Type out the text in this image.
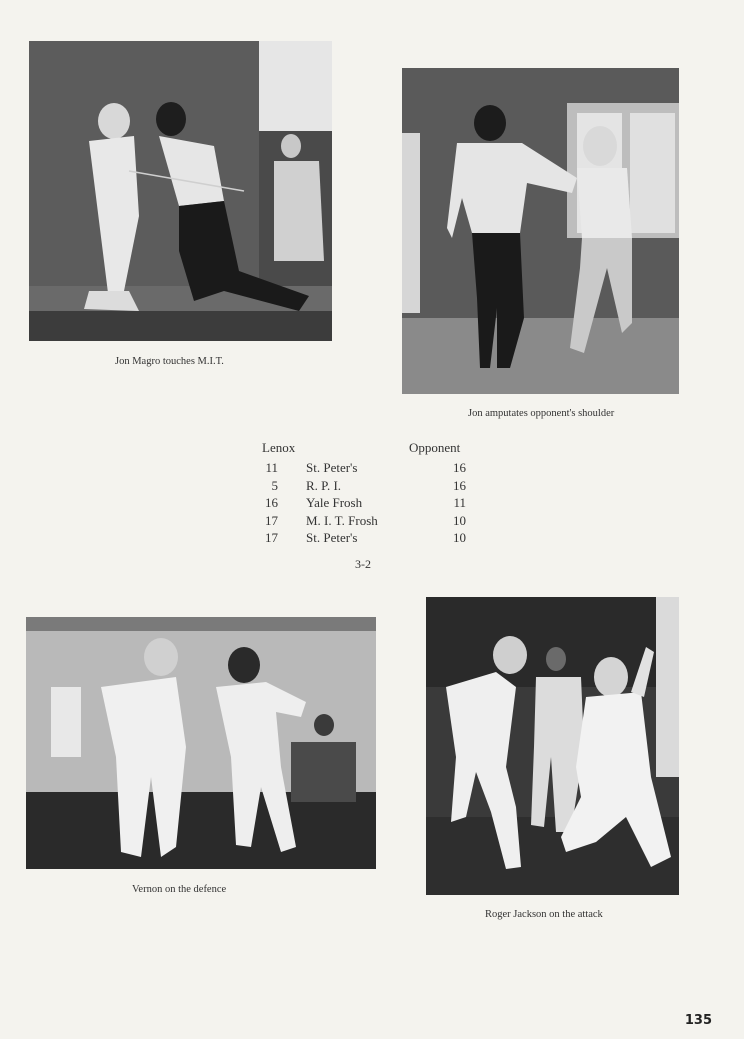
Jon Magro touches M.I.T.
Jon amputates opponent's shoulder
Lenox	Opponent
11 St. Peter's	16
5 R. P. I.	16
16 Yale Frosh	11
17 M. I. T. Frosh	10
17 St. Peter's	10
3-2
Vernon on the defence
Roger Jackson on the attack
135
